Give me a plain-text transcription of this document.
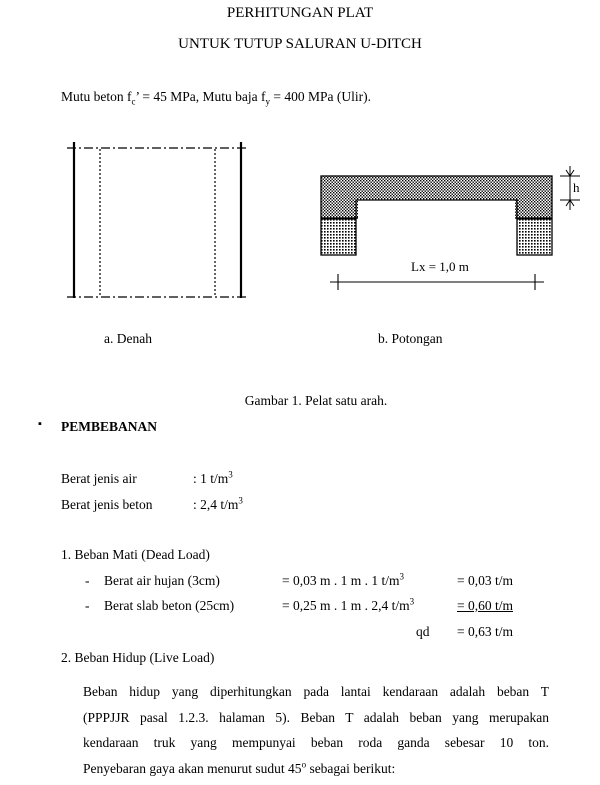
PERHITUNGAN PLAT
UNTUK TUTUP SALURAN U-DITCH
Mutu beton $f_c$’ = 45 MPa, Mutu baja $f_y = 400$ MPa (Ulir).
h
Lx = 1,0 m
a. Denah	b. Potongan
Gambar 1. Pelat satu arah.
▪ PEMBEBANAN
Berat jenis air	: 1 $t/m^3$
Berat jenis beton	: 2,4 $t/m^3$
1. Beban Mati (Dead Load)
- Berat air hujan (3cm)	= 0,03 m . 1 m . 1 $t/m^3$	= 0,03 t/m
- Berat slab beton (25cm)	= 0,25 m . 1 m . 2,4 $t/m^3$	= 0,60 t/m
qd = 0,63 t/m
2. Beban Hidup (Live Load)
Beban hidup yang diperhitungkan pada lantai kendaraan adalah beban T
(PPPJJR pasal 1.2.3. halaman 5). Beban T adalah beban yang merupakan
kendaraan truk yang mempunyai beban roda ganda sebesar 10 ton.
Penyebaran gaya akan menurut sudut 45$^o$ sebagai berikut:
